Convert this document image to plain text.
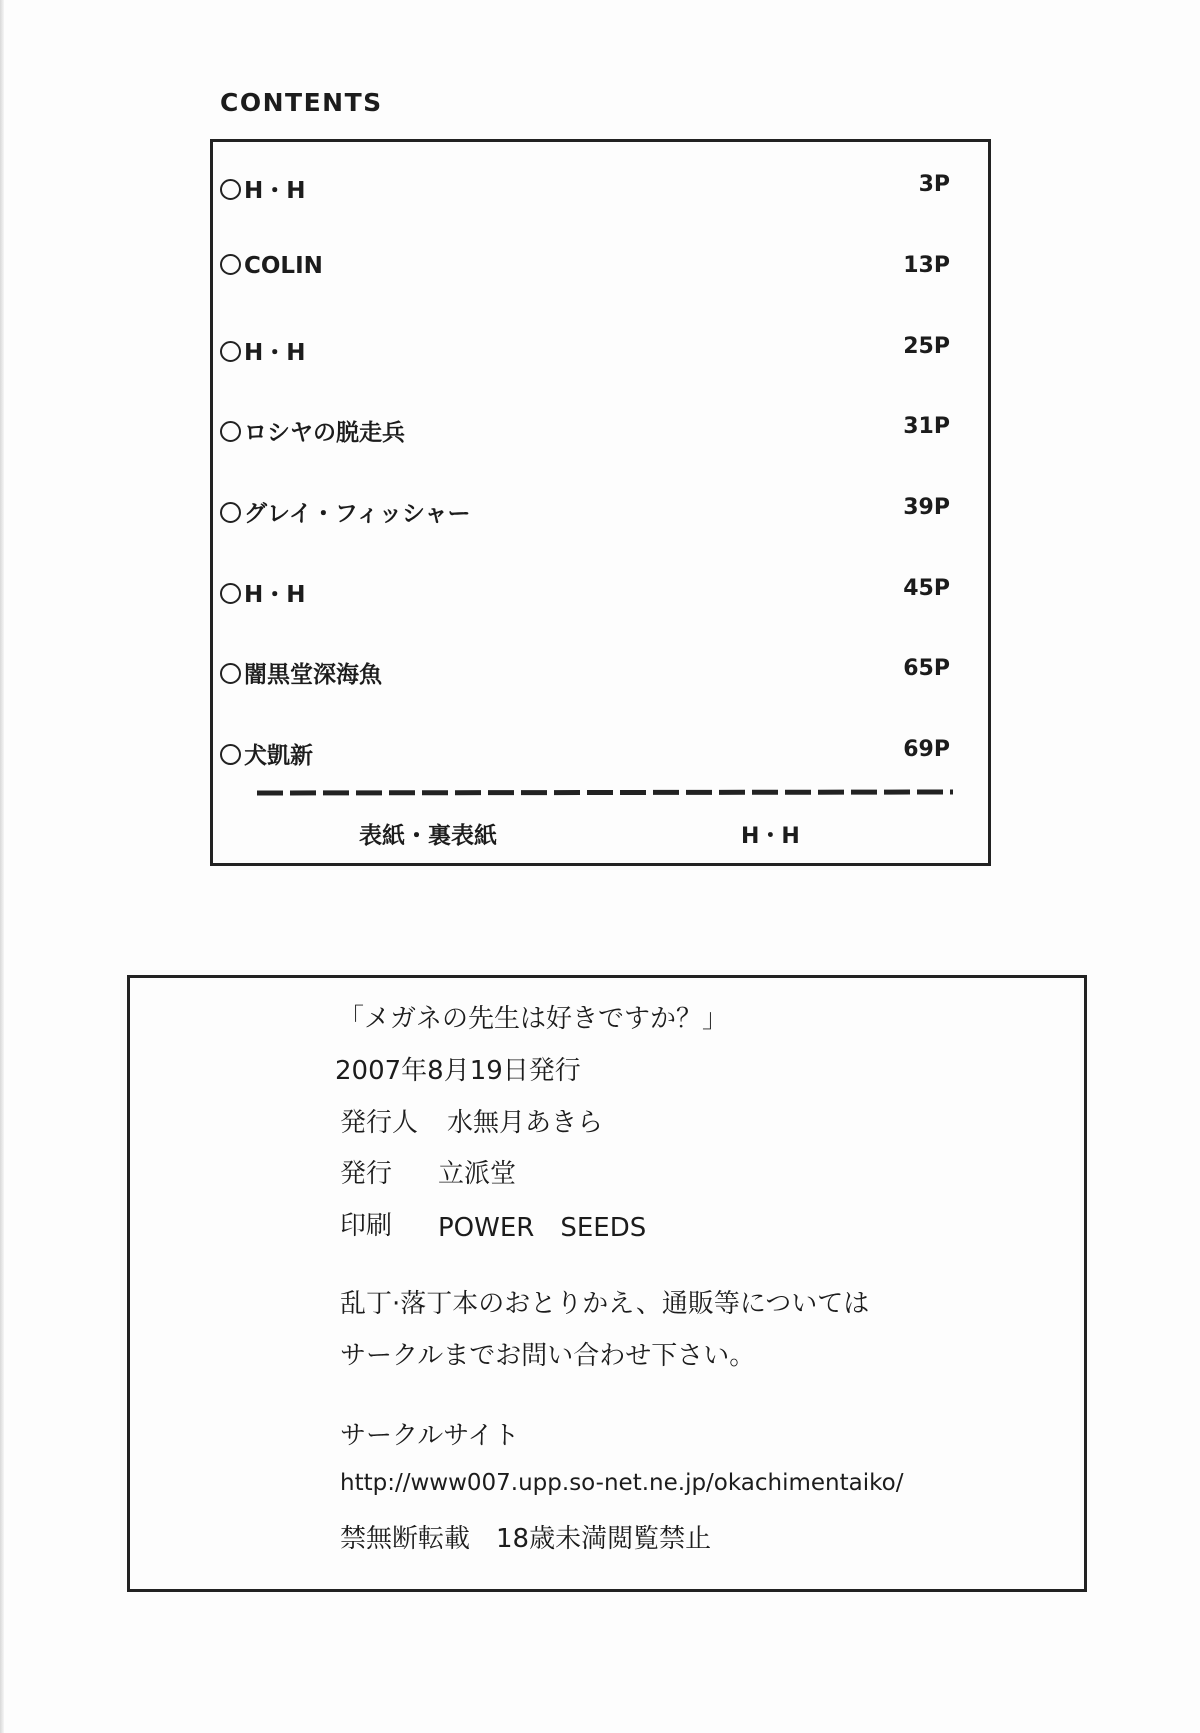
CONTENTS
H・H	3P
COLIN	13P
H・H	25P
ロシヤの脱走兵	31P
グレイ・フィッシャー	39P
H・H	45P
闇黒堂深海魚	65P
犬凱新	69P
表紙・裏表紙	H・H
「メガネの先生は好きですか？」
2007年8月19日発行
発行人 水無月あきら
発行 立派堂
印刷 POWER　SEEDS
乱丁·落丁本のおとりかえ、通販等については
サークルまでお問い合わせ下さい。
サークルサイト
http://www007.upp.so-net.ne.jp/okachimentaiko/
禁無断転載　18歳未満閲覧禁止
